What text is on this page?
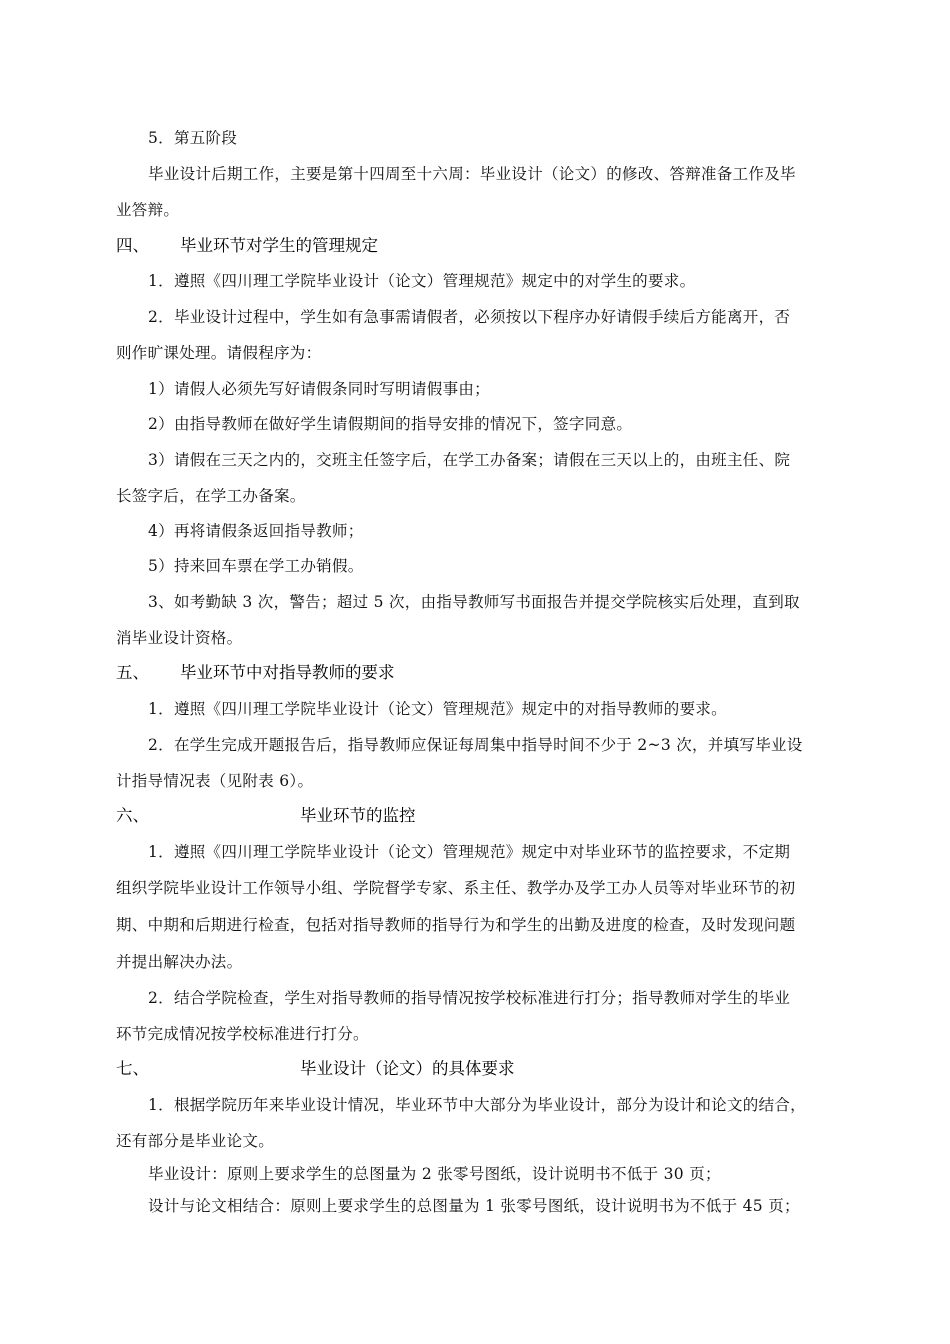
5．第五阶段
毕业设计后期工作，主要是第十四周至十六周：毕业设计（论文）的修改、答辩准备工作及毕
业答辩。
四、 毕业环节对学生的管理规定
1．遵照《四川理工学院毕业设计（论文）管理规范》规定中的对学生的要求。
2．毕业设计过程中，学生如有急事需请假者，必须按以下程序办好请假手续后方能离开，否
则作旷课处理。请假程序为：
1）请假人必须先写好请假条同时写明请假事由；
2）由指导教师在做好学生请假期间的指导安排的情况下，签字同意。
3）请假在三天之内的，交班主任签字后，在学工办备案；请假在三天以上的，由班主任、院
长签字后，在学工办备案。
4）再将请假条返回指导教师；
5）持来回车票在学工办销假。
3、如考勤缺 3 次，警告；超过 5 次，由指导教师写书面报告并提交学院核实后处理，直到取
消毕业设计资格。
五、 毕业环节中对指导教师的要求
1．遵照《四川理工学院毕业设计（论文）管理规范》规定中的对指导教师的要求。
2．在学生完成开题报告后，指导教师应保证每周集中指导时间不少于 2~3 次，并填写毕业设
计指导情况表（见附表 6）。
六、	毕业环节的监控
1．遵照《四川理工学院毕业设计（论文）管理规范》规定中对毕业环节的监控要求，不定期
组织学院毕业设计工作领导小组、学院督学专家、系主任、教学办及学工办人员等对毕业环节的初
期、中期和后期进行检查，包括对指导教师的指导行为和学生的出勤及进度的检查，及时发现问题
并提出解决办法。
2．结合学院检查，学生对指导教师的指导情况按学校标准进行打分；指导教师对学生的毕业
环节完成情况按学校标准进行打分。
七、	毕业设计（论文）的具体要求
1．根据学院历年来毕业设计情况，毕业环节中大部分为毕业设计，部分为设计和论文的结合，
还有部分是毕业论文。
毕业设计：原则上要求学生的总图量为 2 张零号图纸，设计说明书不低于 30 页；
设计与论文相结合：原则上要求学生的总图量为 1 张零号图纸，设计说明书为不低于 45 页；
